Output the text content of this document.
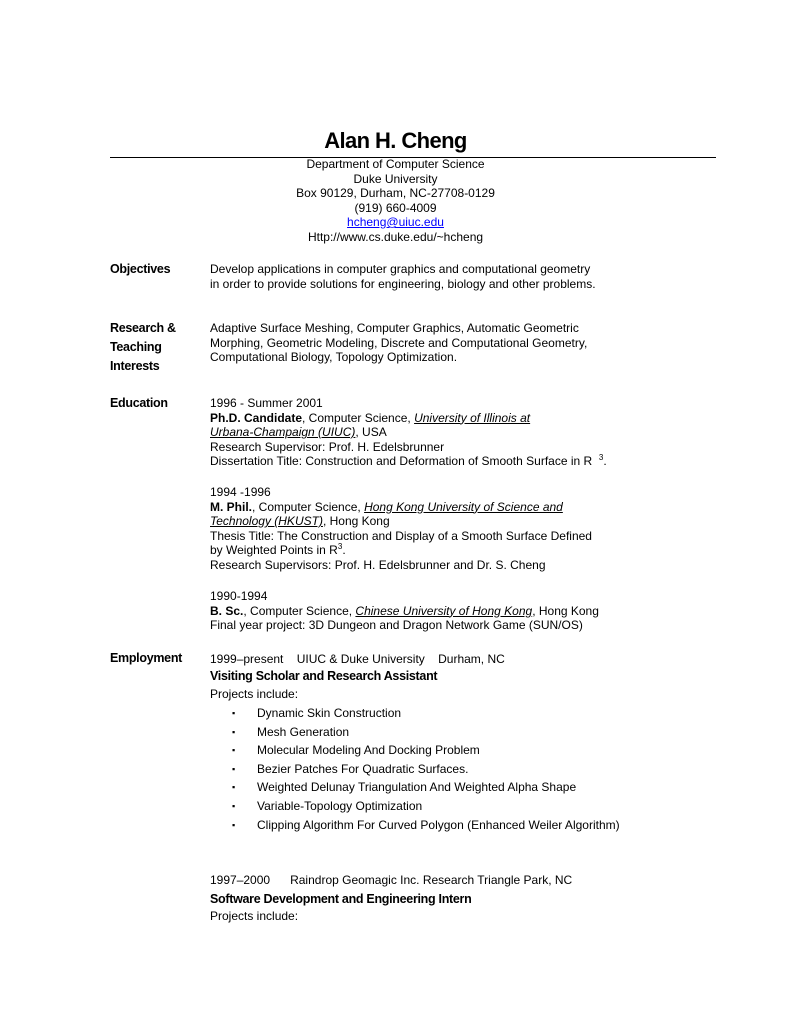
Alan H. Cheng
Department of Computer Science
Duke University
Box 90129, Durham, NC-27708-0129
(919) 660-4009
hcheng@uiuc.edu
Http://www.cs.duke.edu/~hcheng
Objectives	Develop applications in computer graphics and computational geometry
in order to provide solutions for engineering, biology and other problems.
Research &
Teaching
Interests
Adaptive Surface Meshing, Computer Graphics, Automatic Geometric
Morphing, Geometric Modeling, Discrete and Computational Geometry,
Computational Biology, Topology Optimization.
Education	1996 - Summer 2001
Ph.D. Candidate, Computer Science, University of Illinois at
Urbana-Champaign (UIUC), USA
Research Supervisor: Prof. H. Edelsbrunner
Dissertation Title: Construction and Deformation of Smooth Surface in R $^3$.
1994 -1996
M. Phil., Computer Science, Hong Kong University of Science and
Technology (HKUST), Hong Kong
Thesis Title: The Construction and Display of a Smooth Surface Defined
by Weighted Points in $R^3$.
Research Supervisors: Prof. H. Edelsbrunner and Dr. S. Cheng
1990-1994
B. Sc., Computer Science, Chinese University of Hong Kong, Hong Kong
Final year project: 3D Dungeon and Dragon Network Game (SUN/OS)
Employment 1999–present UIUC & Duke University Durham, NC
Visiting Scholar and Research Assistant
Projects include:
▪ Dynamic Skin Construction
▪ Mesh Generation
▪ Molecular Modeling And Docking Problem
▪ Bezier Patches For Quadratic Surfaces.
▪ Weighted Delunay Triangulation And Weighted Alpha Shape
▪ Variable-Topology Optimization
▪ Clipping Algorithm For Curved Polygon (Enhanced Weiler Algorithm)
1997–2000 Raindrop Geomagic Inc. Research Triangle Park, NC
Software Development and Engineering Intern
Projects include:
